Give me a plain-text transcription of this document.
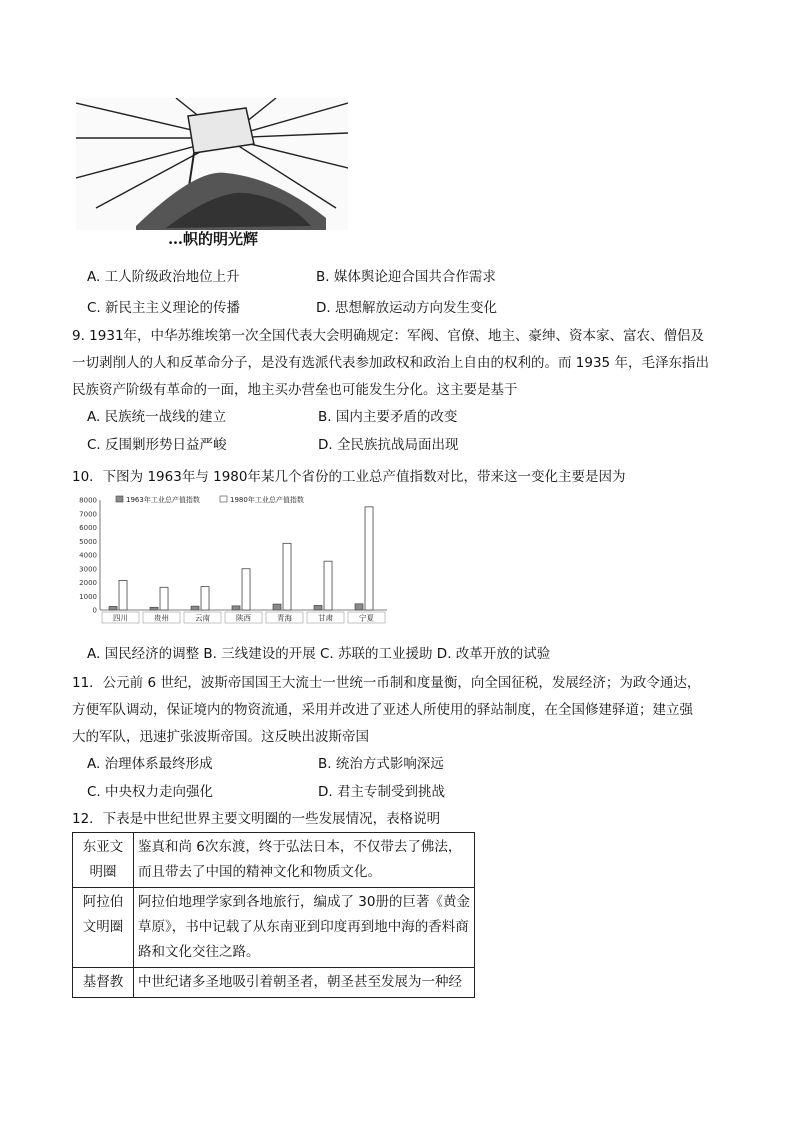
…帜的明光辉
A. 工人阶级政治地位上升	B. 媒体舆论迎合国共合作需求
C. 新民主主义理论的传播	D. 思想解放运动方向发生变化
9. 1931年，中华苏维埃第一次全国代表大会明确规定：军阀、官僚、地主、豪绅、资本家、富农、僧侣及
一切剥削人的人和反革命分子，是没有选派代表参加政权和政治上自由的权利的。而 1935 年，毛泽东指出
民族资产阶级有革命的一面，地主买办营垒也可能发生分化。这主要是基于
A. 民族统一战线的建立	B. 国内主要矛盾的改变
C. 反围剿形势日益严峻	D. 全民族抗战局面出现
10．下图为 1963年与 1980年某几个省份的工业总产值指数对比，带来这一变化主要是因为
0
1000
2000
3000
4000
5000
6000
7000
8000
四川	贵州	云南	陕西	青海	甘肃	宁夏
1963年工业总产值指数	1980年工业总产值指数
A. 国民经济的调整 B. 三线建设的开展 C. 苏联的工业援助 D. 改革开放的试验
11．公元前 6 世纪，波斯帝国国王大流士一世统一币制和度量衡，向全国征税，发展经济；为政令通达，
方便军队调动，保证境内的物资流通，采用并改进了亚述人所使用的驿站制度，在全国修建驿道；建立强
大的军队，迅速扩张波斯帝国。这反映出波斯帝国
A. 治理体系最终形成	B. 统治方式影响深远
C. 中央权力走向强化	D. 君主专制受到挑战
12．下表是中世纪世界主要文明圈的一些发展情况，表格说明
东亚文明圈	鉴真和尚 6次东渡，终于弘法日本，不仅带去了佛法，而且带去了中国的精神文化和物质文化。
阿拉伯文明圈	阿拉伯地理学家到各地旅行，编成了 30册的巨著《黄金草原》，书中记载了从东南亚到印度再到地中海的香料商路和文化交往之路。
基督教	中世纪诸多圣地吸引着朝圣者，朝圣甚至发展为一种经
